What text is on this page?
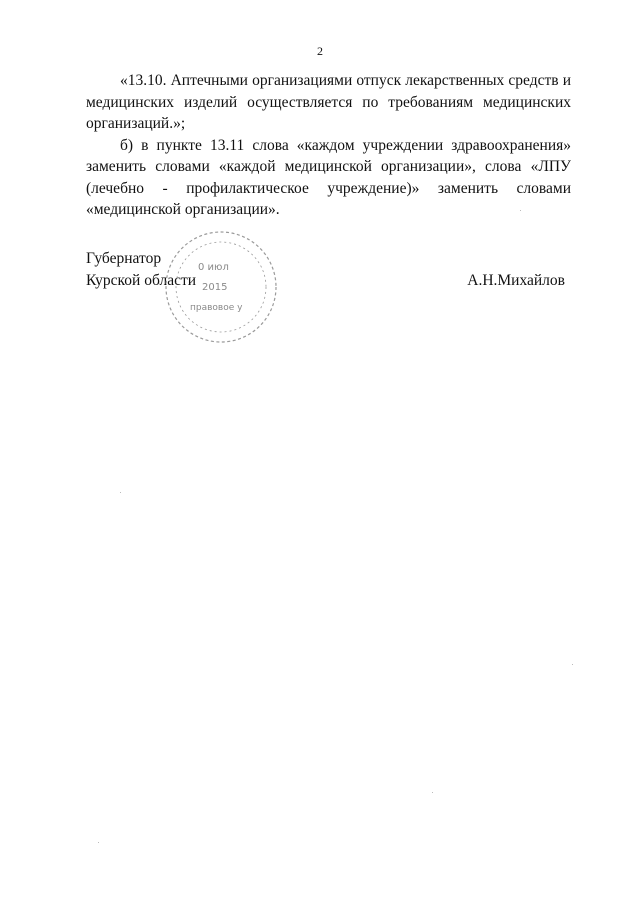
2

«13.10. Аптечными организациями отпуск лекарственных средств и медицинских изделий осуществляется по требованиям медицинских организаций.»;

б) в пункте 13.11 слова «каждом учреждении здравоохранения» заменить словами «каждой медицинской организации», слова «ЛПУ (лечебно - профилактическое учреждение)» заменить словами «медицинской организации».

Губернатор
Курской области
0 июл
2015
правовое у
А.Н.Михайлов
